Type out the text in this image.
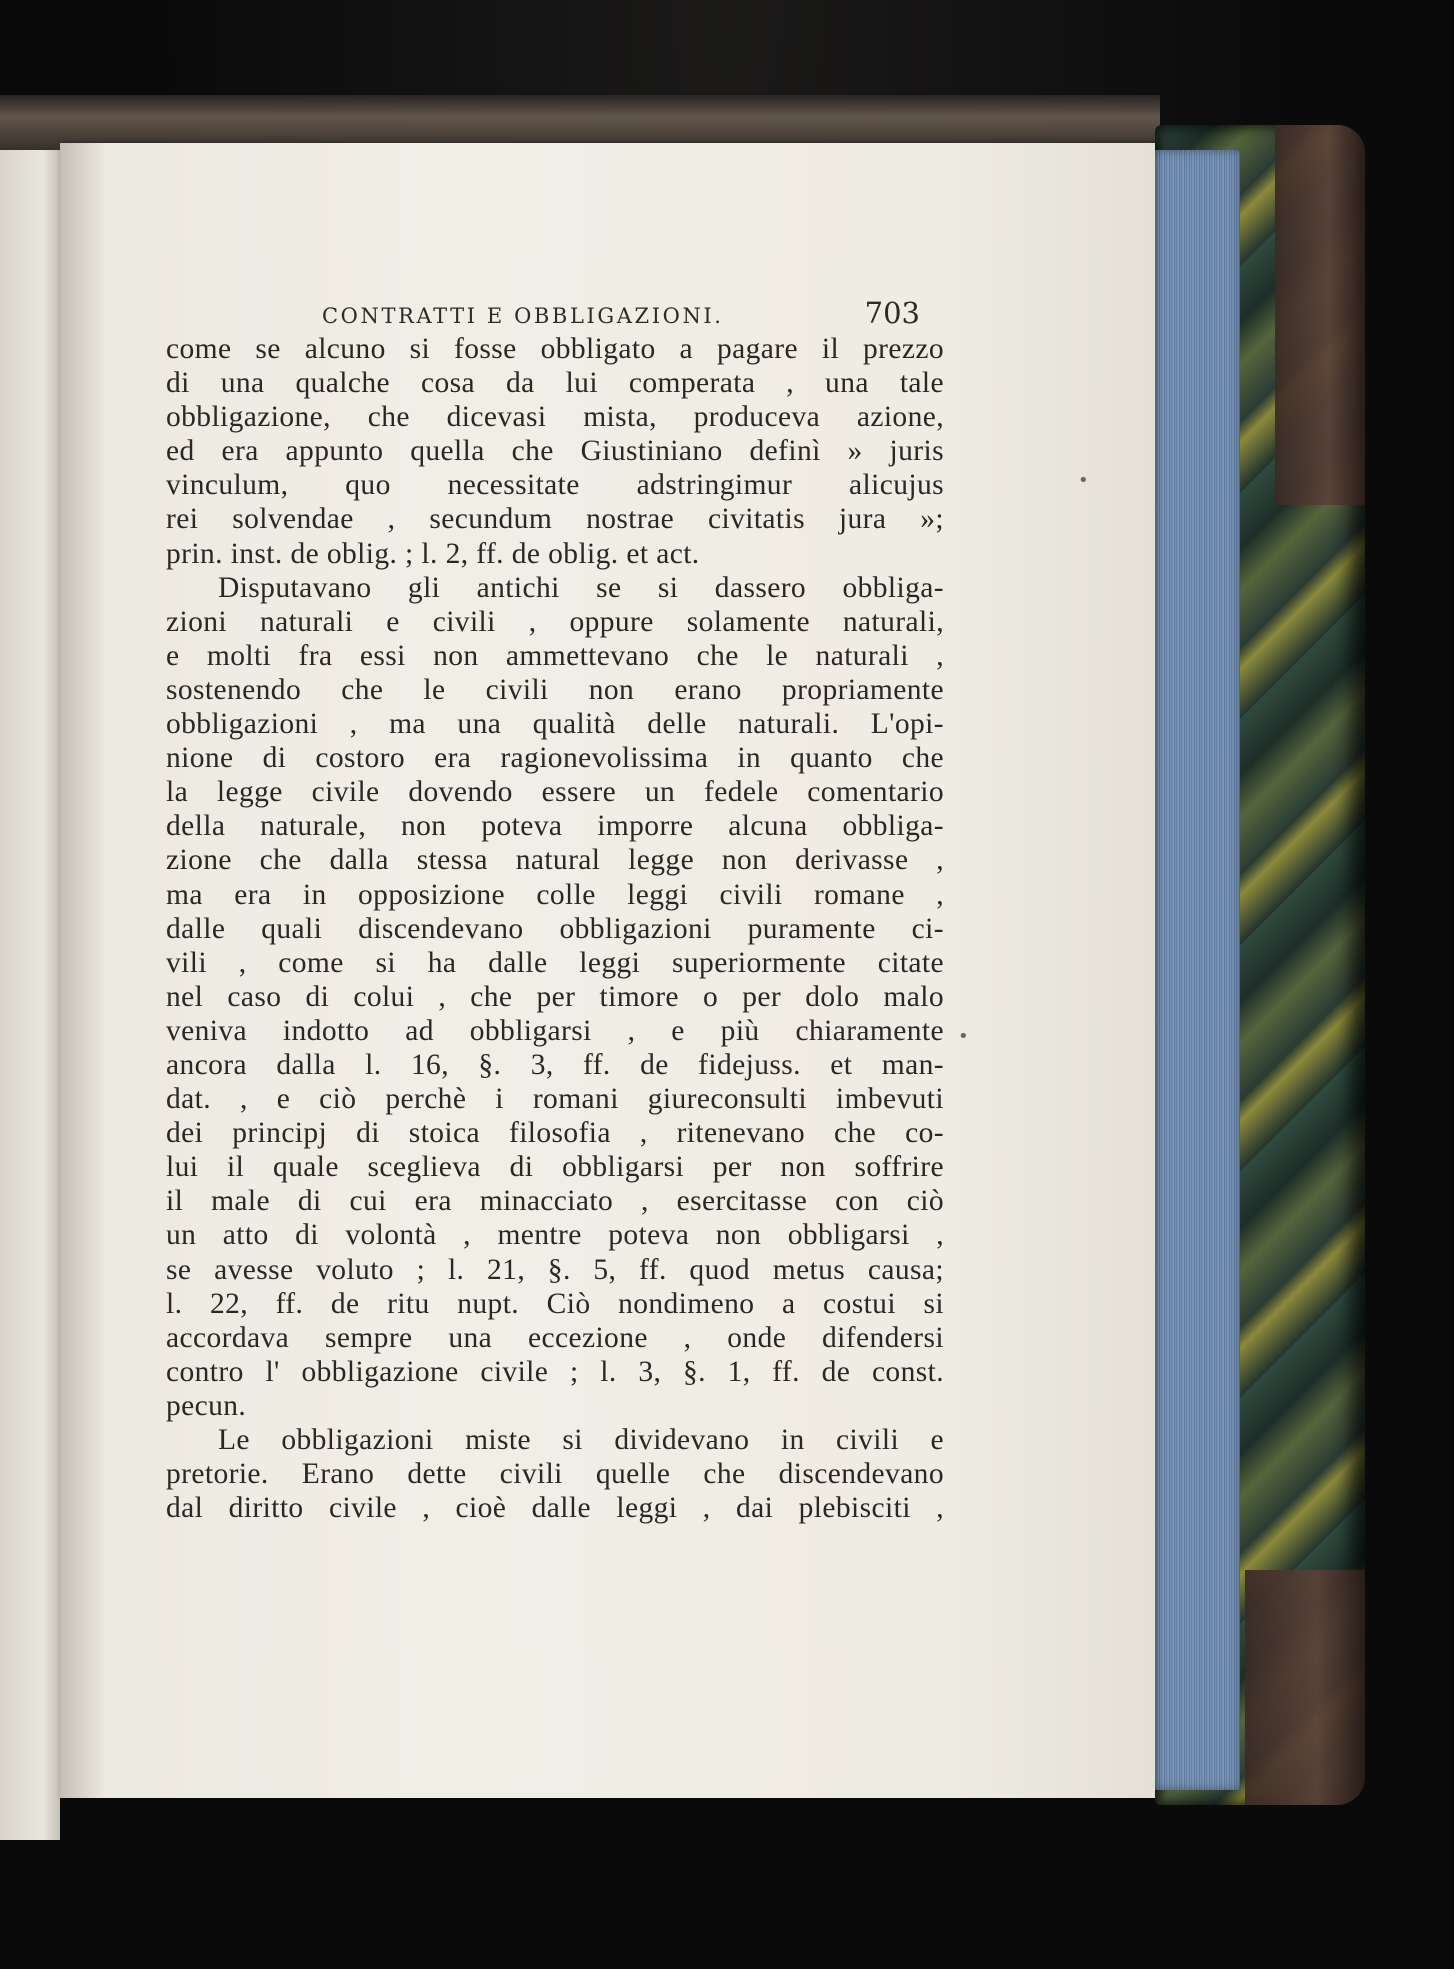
CONTRATTI E OBBLIGAZIONI.	703
come se alcuno si fosse obbligato a pagare il prezzo
di una qualche cosa da lui comperata , una tale
obbligazione, che dicevasi mista, produceva azione,
ed era appunto quella che Giustiniano definì » juris
vinculum, quo necessitate adstringimur alicujus
rei solvendae , secundum nostrae civitatis jura »;
prin. inst. de oblig. ; l. 2, ff. de oblig. et act.
Disputavano gli antichi se si dassero obbliga-
zioni naturali e civili , oppure solamente naturali,
e molti fra essi non ammettevano che le naturali ,
sostenendo che le civili non erano propriamente
obbligazioni , ma una qualità delle naturali. L'opi-
nione di costoro era ragionevolissima in quanto che
la legge civile dovendo essere un fedele comentario
della naturale, non poteva imporre alcuna obbliga-
zione che dalla stessa natural legge non derivasse ,
ma era in opposizione colle leggi civili romane ,
dalle quali discendevano obbligazioni puramente ci-
vili , come si ha dalle leggi superiormente citate
nel caso di colui , che per timore o per dolo malo
veniva indotto ad obbligarsi , e più chiaramente
ancora dalla l. 16, §. 3, ff. de fidejuss. et man-
dat. , e ciò perchè i romani giureconsulti imbevuti
dei principj di stoica filosofia , ritenevano che co-
lui il quale sceglieva di obbligarsi per non soffrire
il male di cui era minacciato , esercitasse con ciò
un atto di volontà , mentre poteva non obbligarsi ,
se avesse voluto ; l. 21, §. 5, ff. quod metus causa;
l. 22, ff. de ritu nupt. Ciò nondimeno a costui si
accordava sempre una eccezione , onde difendersi
contro l' obbligazione civile ; l. 3, §. 1, ff. de const.
pecun.
Le obbligazioni miste si dividevano in civili e
pretorie. Erano dette civili quelle che discendevano
dal diritto civile , cioè dalle leggi , dai plebisciti ,
•
•
